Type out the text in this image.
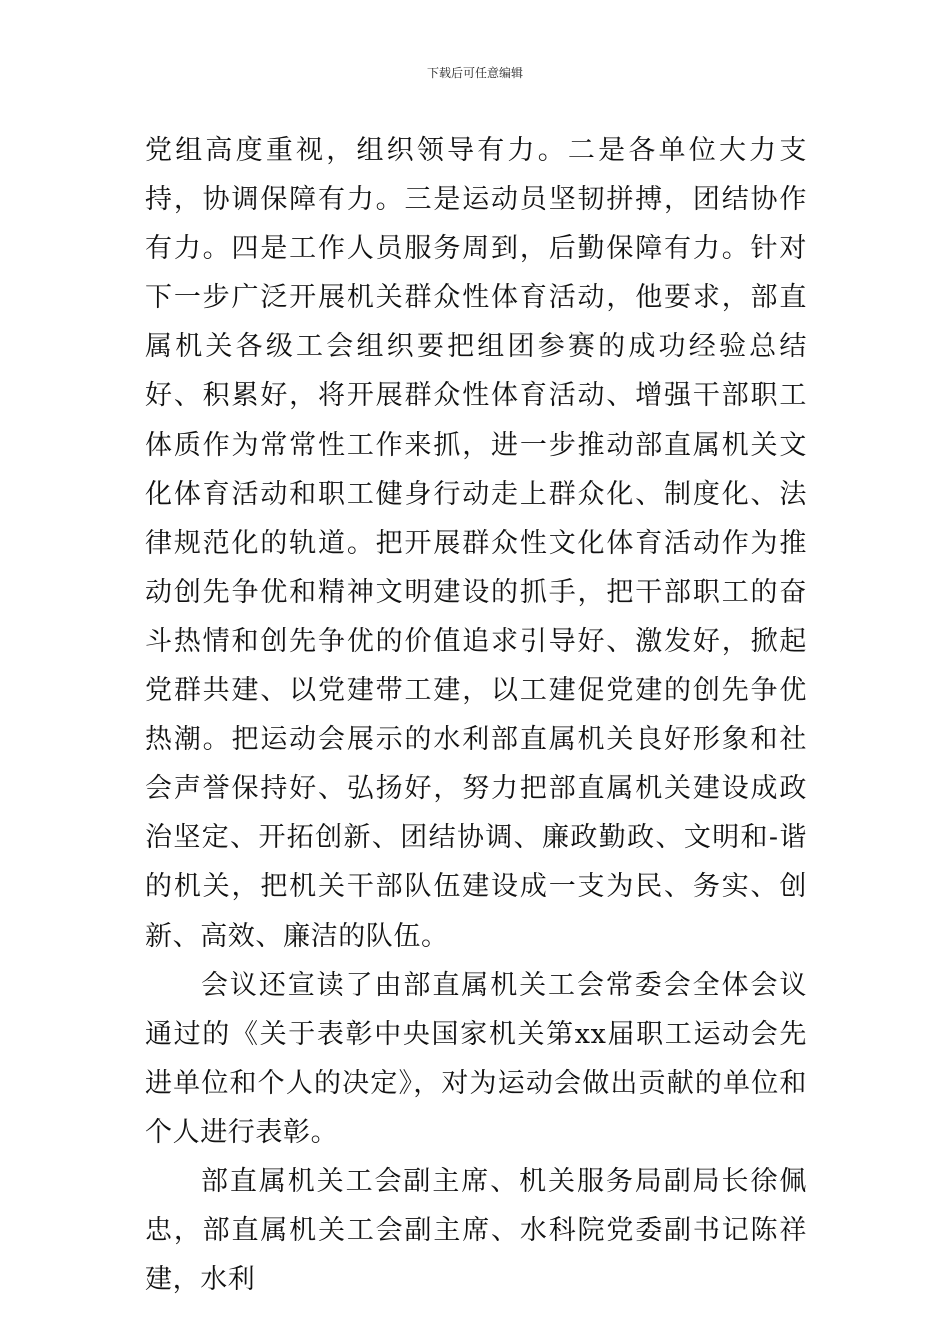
下载后可任意编辑

党组高度重视，组织领导有力。二是各单位大力支持，协调保障有力。三是运动员坚韧拼搏，团结协作有力。四是工作人员服务周到，后勤保障有力。针对下一步广泛开展机关群众性体育活动，他要求，部直属机关各级工会组织要把组团参赛的成功经验总结好、积累好，将开展群众性体育活动、增强干部职工体质作为常常性工作来抓，进一步推动部直属机关文化体育活动和职工健身行动走上群众化、制度化、法律规范化的轨道。把开展群众性文化体育活动作为推动创先争优和精神文明建设的抓手，把干部职工的奋斗热情和创先争优的价值追求引导好、激发好，掀起党群共建、以党建带工建，以工建促党建的创先争优热潮。把运动会展示的水利部直属机关良好形象和社会声誉保持好、弘扬好，努力把部直属机关建设成政治坚定、开拓创新、团结协调、廉政勤政、文明和-谐的机关，把机关干部队伍建设成一支为民、务实、创新、高效、廉洁的队伍。

会议还宣读了由部直属机关工会常委会全体会议通过的《关于表彰中央国家机关第xx届职工运动会先进单位和个人的决定》，对为运动会做出贡献的单位和个人进行表彰。

部直属机关工会副主席、机关服务局副局长徐佩忠，部直属机关工会副主席、水科院党委副书记陈祥建，水利
